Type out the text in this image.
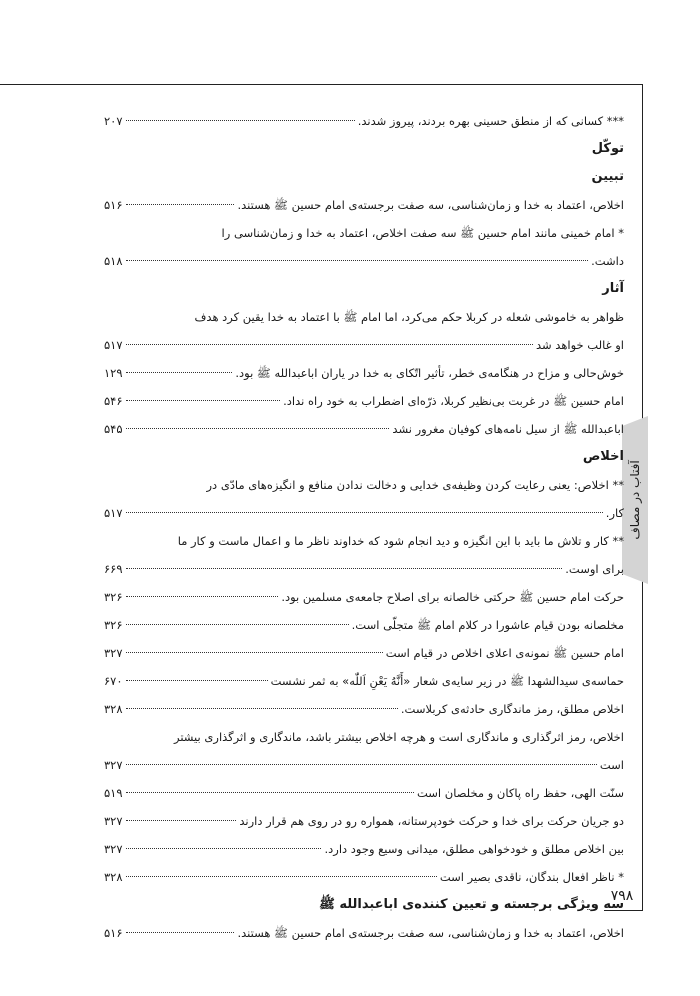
آفتاب در مصاف
۷۹۸
*** کسانی که از منطق حسینی بهره بردند، پیروز شدند.
۲۰۷
توکّل
تبیین
اخلاص، اعتماد به خدا و زمان‌شناسی، سه صفت برجسته‌ی امام حسین ﷺ هستند.
۵۱۶
* امام خمینی مانند امام حسین ﷺ سه صفت اخلاص، اعتماد به خدا و زمان‌شناسی را
داشت.
۵۱۸
آثار
ظواهر به خاموشی شعله در کربلا حکم می‌کرد، اما امام ﷺ با اعتماد به خدا یقین کرد هدف
او غالب خواهد شد
۵۱۷
خوش‌حالی و مزاح در هنگامه‌ی خطر، تأثیر اتّکای به خدا در یاران اباعبدالله ﷺ بود.
۱۲۹
امام حسین ﷺ در غربت بی‌نظیر کربلا، ذرّه‌ای اضطراب به خود راه نداد.
۵۴۶
اباعبدالله ﷺ از سیل نامه‌های کوفیان مغرور نشد
۵۴۵
اخلاص
** اخلاص: یعنی رعایت کردن وظیفه‌ی خدایی و دخالت ندادن منافع و انگیزه‌های مادّی در
کار.
۵۱۷
** کار و تلاش ما باید با این انگیزه و دید انجام شود که خداوند ناظر ما و اعمال ماست و کار ما
برای اوست.
۶۶۹
حرکت امام حسین ﷺ حرکتی خالصانه برای اصلاح جامعه‌ی مسلمین بود.
۳۲۶
مخلصانه بودن قیام عاشورا در کلام امام ﷺ متجلّی است.
۳۲۶
امام حسین ﷺ نمونه‌ی اعلای اخلاص در قیام است
۳۲۷
حماسه‌ی سیدالشهدا ﷺ در زیر سایه‌ی شعار «أَنَّهُ یَعْنِ اَللّٰه» به ثمر نشست
۶۷۰
اخلاص مطلق، رمز ماندگاری حادثه‌ی کربلاست.
۳۲۸
اخلاص، رمز اثرگذاری و ماندگاری است و هرچه اخلاص بیشتر باشد، ماندگاری و اثرگذاری بیشتر
است
۳۲۷
سنّت الهی، حفظ راه پاکان و مخلصان است
۵۱۹
دو جریان حرکت برای خدا و حرکت خودپرستانه، همواره رو در روی هم قرار دارند
۳۲۷
بین اخلاص مطلق و خودخواهی مطلق، میدانی وسیع وجود دارد.
۳۲۷
* ناظر افعال بندگان، ناقدی بصیر است
۳۲۸
سه ویژگی برجسته و تعیین کننده‌ی اباعبدالله ﷺ
اخلاص، اعتماد به خدا و زمان‌شناسی، سه صفت برجسته‌ی امام حسین ﷺ هستند.
۵۱۶
